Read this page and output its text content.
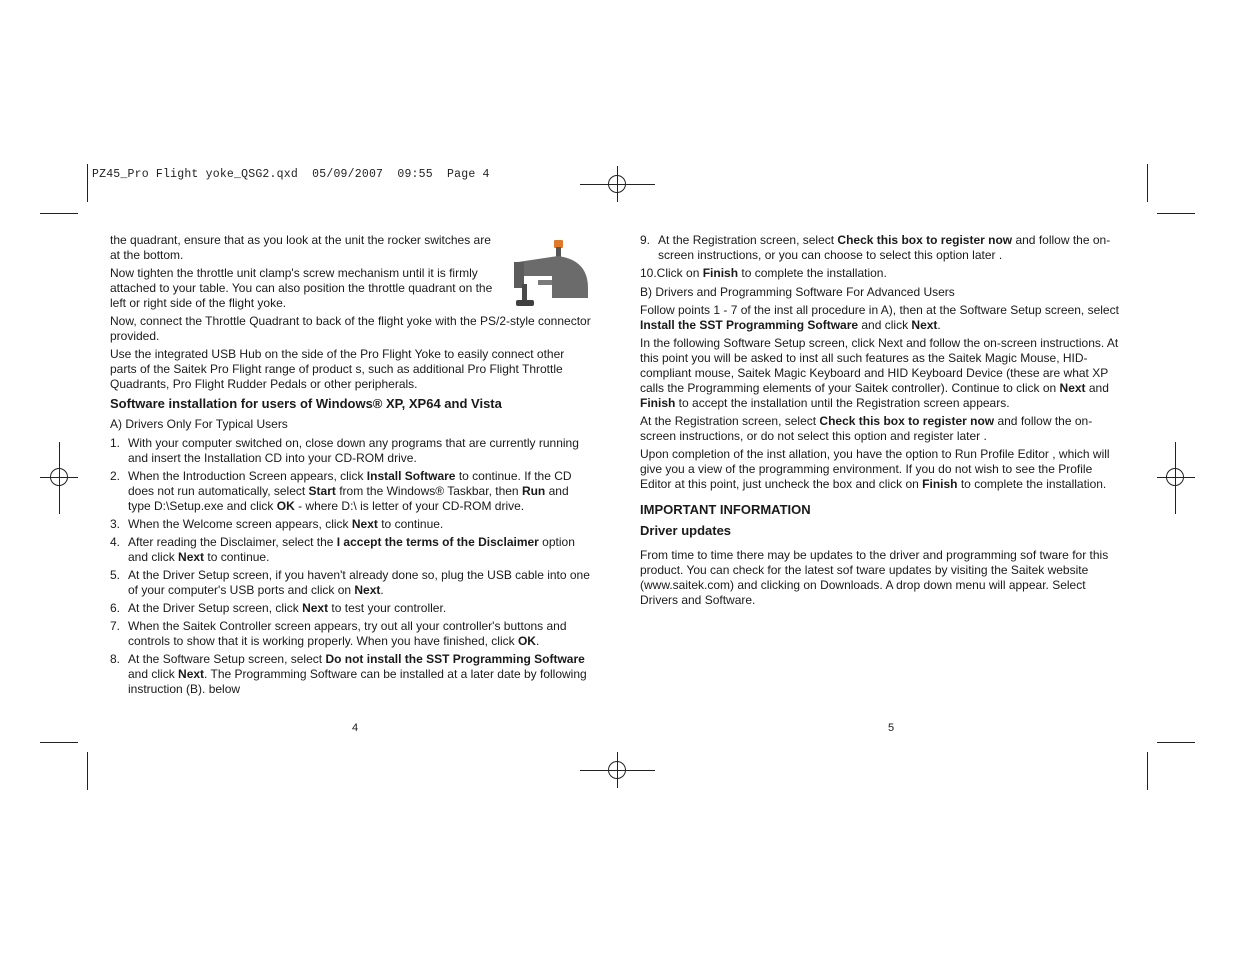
PZ45_Pro Flight yoke_QSG2.qxd  05/09/2007  09:55  Page 4

the quadrant, ensure that as you look at the unit the rocker switches are at the bottom.

Now tighten the throttle unit clamp's screw mechanism until it is firmly attached to your table. You can also position the throttle quadrant on the left or right side of the flight yoke.

Now, connect the Throttle Quadrant to back of the flight yoke with the PS/2-style connector provided.

Use the integrated USB Hub on the side of the Pro Flight Yoke to easily connect other parts of the Saitek Pro Flight range of product s, such as additional Pro Flight Throttle Quadrants, Pro Flight Rudder Pedals or other peripherals.

Software installation for users of Windows® XP, XP64 and Vista
A) Drivers Only For Typical Users
1. With your computer switched on, close down any programs that are currently running and insert the Installation CD into your CD-ROM drive.
2. When the Introduction Screen appears, click Install Software to continue. If the CD does not run automatically, select Start from the Windows® Taskbar, then Run and type D:\Setup.exe and click OK - where D:\ is letter of your CD-ROM drive.
3. When the Welcome screen appears, click Next to continue.
4. After reading the Disclaimer, select the I accept the terms of the Disclaimer option and click Next to continue.
5. At the Driver Setup screen, if you haven't already done so, plug the USB cable into one of your computer's USB ports and click on Next.
6. At the Driver Setup screen, click Next to test your controller.
7. When the Saitek Controller screen appears, try out all your controller's buttons and controls to show that it is working properly. When you have finished, click OK.
8. At the Software Setup screen, select Do not install the SST Programming Software and click Next. The Programming Software can be installed at a later date by following instruction (B). below
4
9. At the Registration screen, select Check this box to register now and follow the on-screen instructions, or you can choose to select this option later .

10.Click on Finish to complete the installation.

B) Drivers and Programming Software For Advanced Users

Follow points 1 - 7 of the inst all procedure in A), then at the Software Setup screen, select Install the SST Programming Software and click Next.

In the following Software Setup screen, click Next and follow the on-screen instructions. At this point you will be asked to inst all such features as the Saitek Magic Mouse, HID-compliant mouse, Saitek Magic Keyboard and HID Keyboard Device (these are what XP calls the Programming elements of your Saitek controller). Continue to click on Next and Finish to accept the installation until the Registration screen appears.

At the Registration screen, select Check this box to register now and follow the on-screen instructions, or do not select this option and register later .

Upon completion of the inst allation, you have the option to Run Profile Editor , which will give you a view of the programming environment. If you do not wish to see the Profile Editor at this point, just uncheck the box and click on Finish to complete the installation.

IMPORTANT INFORMATION
Driver updates

From time to time there may be updates to the driver and programming sof tware for this product. You can check for the latest sof tware updates by visiting the Saitek website (www.saitek.com) and clicking on Downloads. A drop down menu will appear. Select Drivers and Software.

5
